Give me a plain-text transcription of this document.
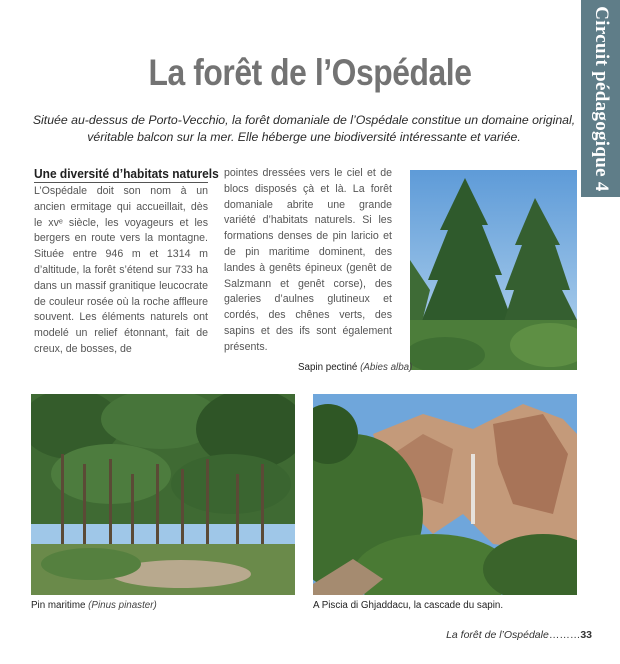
Circuit pédagogique 4
La forêt de l’Ospédale

Située au-dessus de Porto-Vecchio, la forêt domaniale de l’Ospédale constitue un domaine original, véritable balcon sur la mer. Elle héberge une biodiversité intéressante et variée.

Une diversité d’habitats naturels

L’Ospédale doit son nom à un ancien ermitage qui accueillait, dès le xvᵉ siècle, les voyageurs et les bergers en route vers la montagne. Située entre 946 m et 1314 m d’altitude, la forêt s’étend sur 733 ha dans un massif granitique leucocrate de couleur rosée où la roche affleure souvent. Les éléments naturels ont modelé un relief étonnant, fait de creux, de bosses, de

pointes dressées vers le ciel et de blocs disposés çà et là. La forêt domaniale abrite une grande variété d’habitats naturels. Si les formations denses de pin laricio et de pin maritime dominent, des landes à genêts épineux (genêt de Salzmann et genêt corse), des galeries d’aulnes glutineux et cordés, des chênes verts, des sapins et des ifs sont également présents.

Sapin pectiné (Abies alba)
Pin maritime (Pinus pinaster)	A Piscia di Ghjaddacu, la cascade du sapin.
La forêt de l’Ospédale………33
